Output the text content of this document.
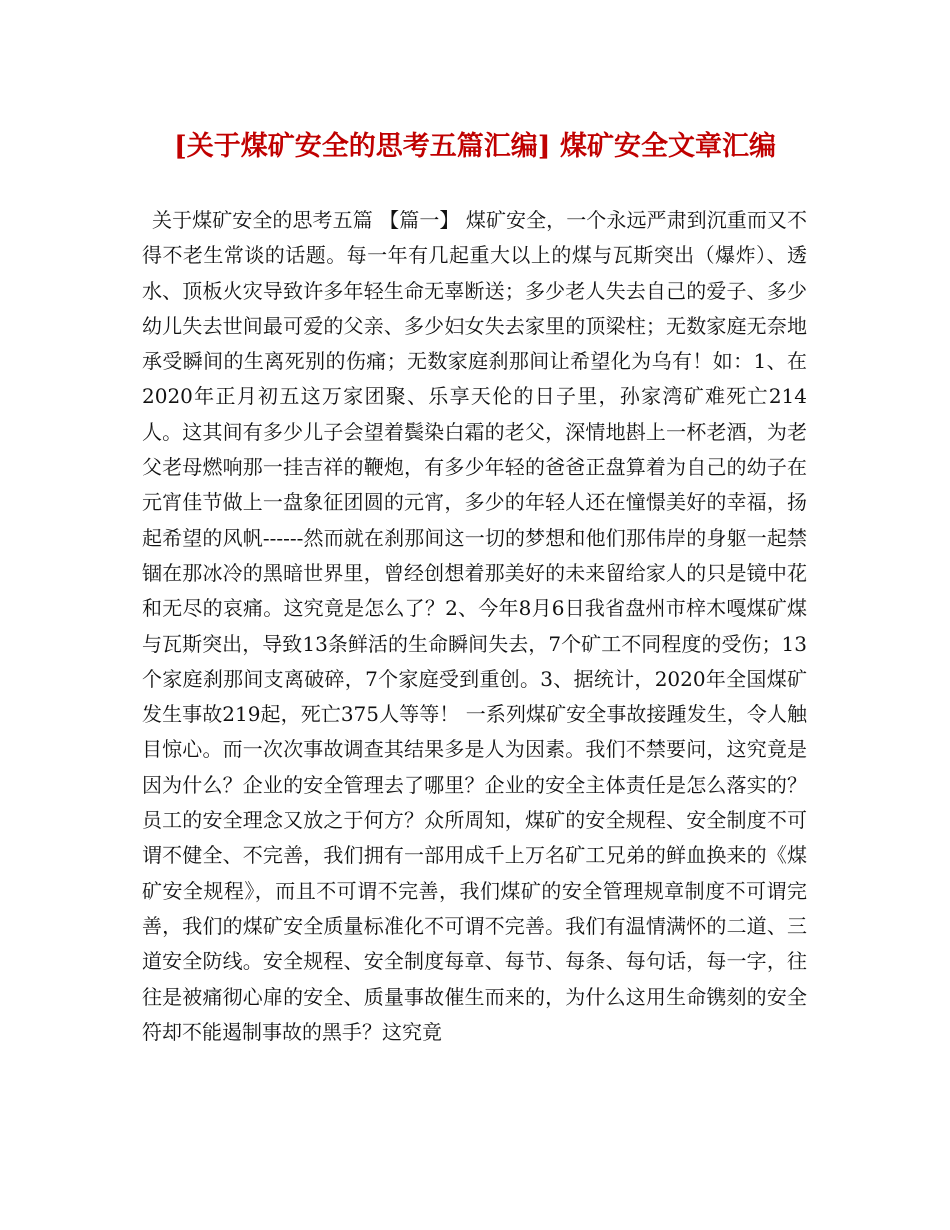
[关于煤矿安全的思考五篇汇编] 煤矿安全文章汇编

关于煤矿安全的思考五篇 【篇一】 煤矿安全，一个永远严肃到沉重而又不得不老生常谈的话题。每一年有几起重大以上的煤与瓦斯突出（爆炸）、透水、顶板火灾导致许多年轻生命无辜断送；多少老人失去自己的爱子、多少幼儿失去世间最可爱的父亲、多少妇女失去家里的顶梁柱；无数家庭无奈地承受瞬间的生离死别的伤痛；无数家庭刹那间让希望化为乌有！如：1、在2020年正月初五这万家团聚、乐享天伦的日子里，孙家湾矿难死亡214人。这其间有多少儿子会望着鬓染白霜的老父，深情地斟上一杯老酒，为老父老母燃响那一挂吉祥的鞭炮，有多少年轻的爸爸正盘算着为自己的幼子在元宵佳节做上一盘象征团圆的元宵，多少的年轻人还在憧憬美好的幸福，扬起希望的风帆------然而就在刹那间这一切的梦想和他们那伟岸的身躯一起禁锢在那冰冷的黑暗世界里，曾经创想着那美好的未来留给家人的只是镜中花和无尽的哀痛。这究竟是怎么了？2、今年8月6日我省盘州市梓木嘎煤矿煤与瓦斯突出，导致13条鲜活的生命瞬间失去，7个矿工不同程度的受伤；13个家庭刹那间支离破碎，7个家庭受到重创。3、据统计，2020年全国煤矿发生事故219起，死亡375人等等！ 一系列煤矿安全事故接踵发生，令人触目惊心。而一次次事故调查其结果多是人为因素。我们不禁要问，这究竟是因为什么？企业的安全管理去了哪里？企业的安全主体责任是怎么落实的？员工的安全理念又放之于何方？众所周知，煤矿的安全规程、安全制度不可谓不健全、不完善，我们拥有一部用成千上万名矿工兄弟的鲜血换来的《煤矿安全规程》，而且不可谓不完善，我们煤矿的安全管理规章制度不可谓完善，我们的煤矿安全质量标准化不可谓不完善。我们有温情满怀的二道、三道安全防线。安全规程、安全制度每章、每节、每条、每句话，每一字，往往是被痛彻心扉的安全、质量事故催生而来的，为什么这用生命镌刻的安全符却不能遏制事故的黑手？这究竟
